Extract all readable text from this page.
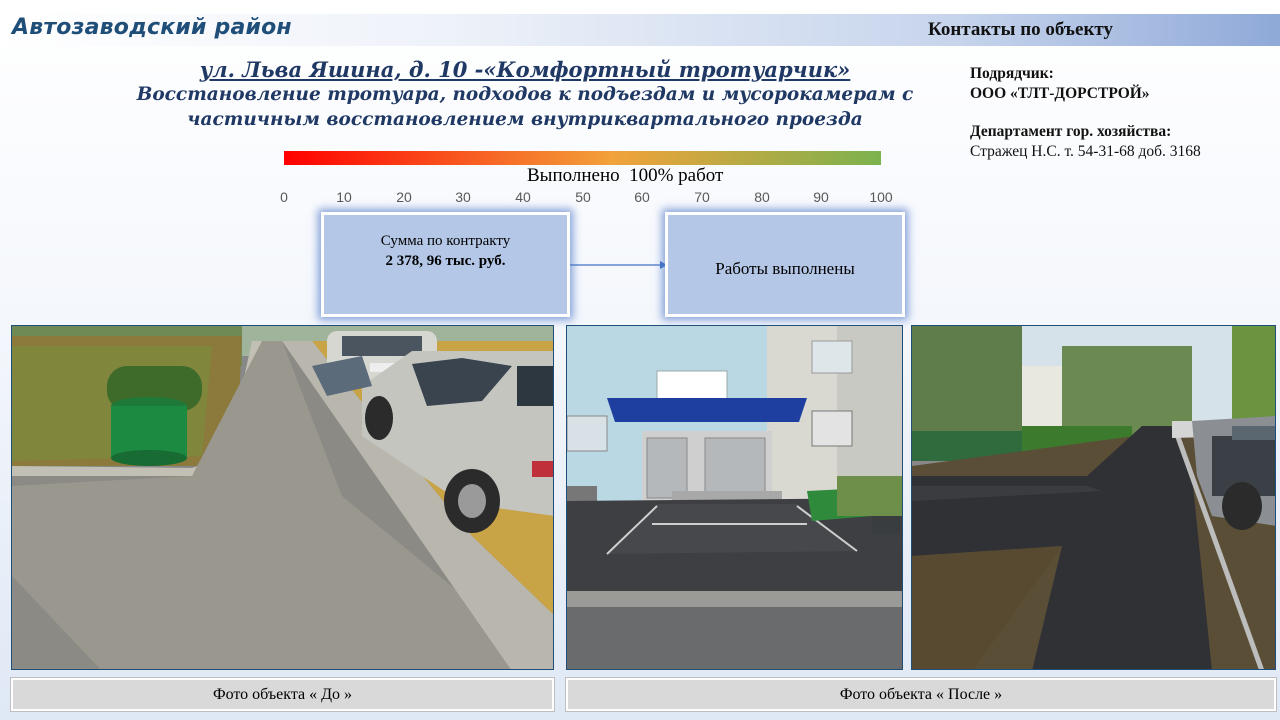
Автозаводский район	Контакты по объекту
ул. Льва Яшина, д. 10 -«Комфортный тротуарчик»
Восстановление тротуара, подходов к подъездам и мусорокамерам с
частичным восстановлением внутриквартального проезда
Подрядчик:
ООО «ТЛТ-ДОРСТРОЙ»
Департамент гор. хозяйства:
Стражец Н.С. т. 54-31-68 доб. 3168
Выполнено  100% работ
0	10	20	30	40	50	60	70	80	90	100
Сумма по контракту
2 378, 96 тыс. руб.	Работы выполнены
Фото объекта « До »	Фото объекта « После »
